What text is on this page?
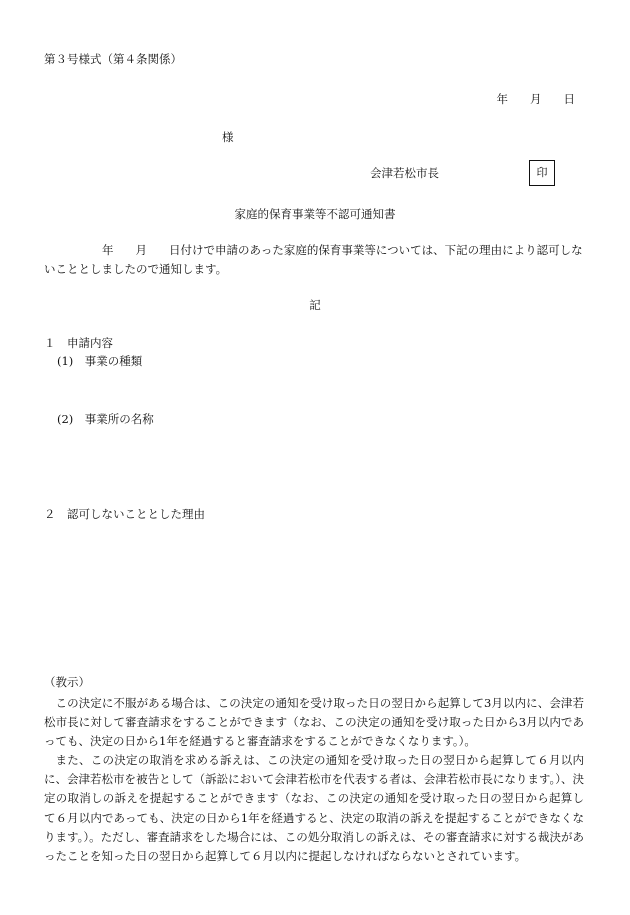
第３号様式（第４条関係）
年 月 日
様
会津若松市長	印
家庭的保育事業等不認可通知書
年 月 日付けで申請のあった家庭的保育事業等については、下記の理由により認可しないこととしましたので通知します。
記
１　申請内容
(1)　事業の種類
(2)　事業所の名称
２　認可しないこととした理由
（教示）
この決定に不服がある場合は、この決定の通知を受け取った日の翌日から起算して3月以内に、会津若松市長に対して審査請求をすることができます（なお、この決定の通知を受け取った日から3月以内であっても、決定の日から1年を経過すると審査請求をすることができなくなります。）。
また、この決定の取消を求める訴えは、この決定の通知を受け取った日の翌日から起算して６月以内に、会津若松市を被告として（訴訟において会津若松市を代表する者は、会津若松市長になります。）、決定の取消しの訴えを提起することができます（なお、この決定の通知を受け取った日の翌日から起算して６月以内であっても、決定の日から1年を経過すると、決定の取消の訴えを提起することができなくなります。）。ただし、審査請求をした場合には、この処分取消しの訴えは、その審査請求に対する裁決があったことを知った日の翌日から起算して６月以内に提起しなければならないとされています。
